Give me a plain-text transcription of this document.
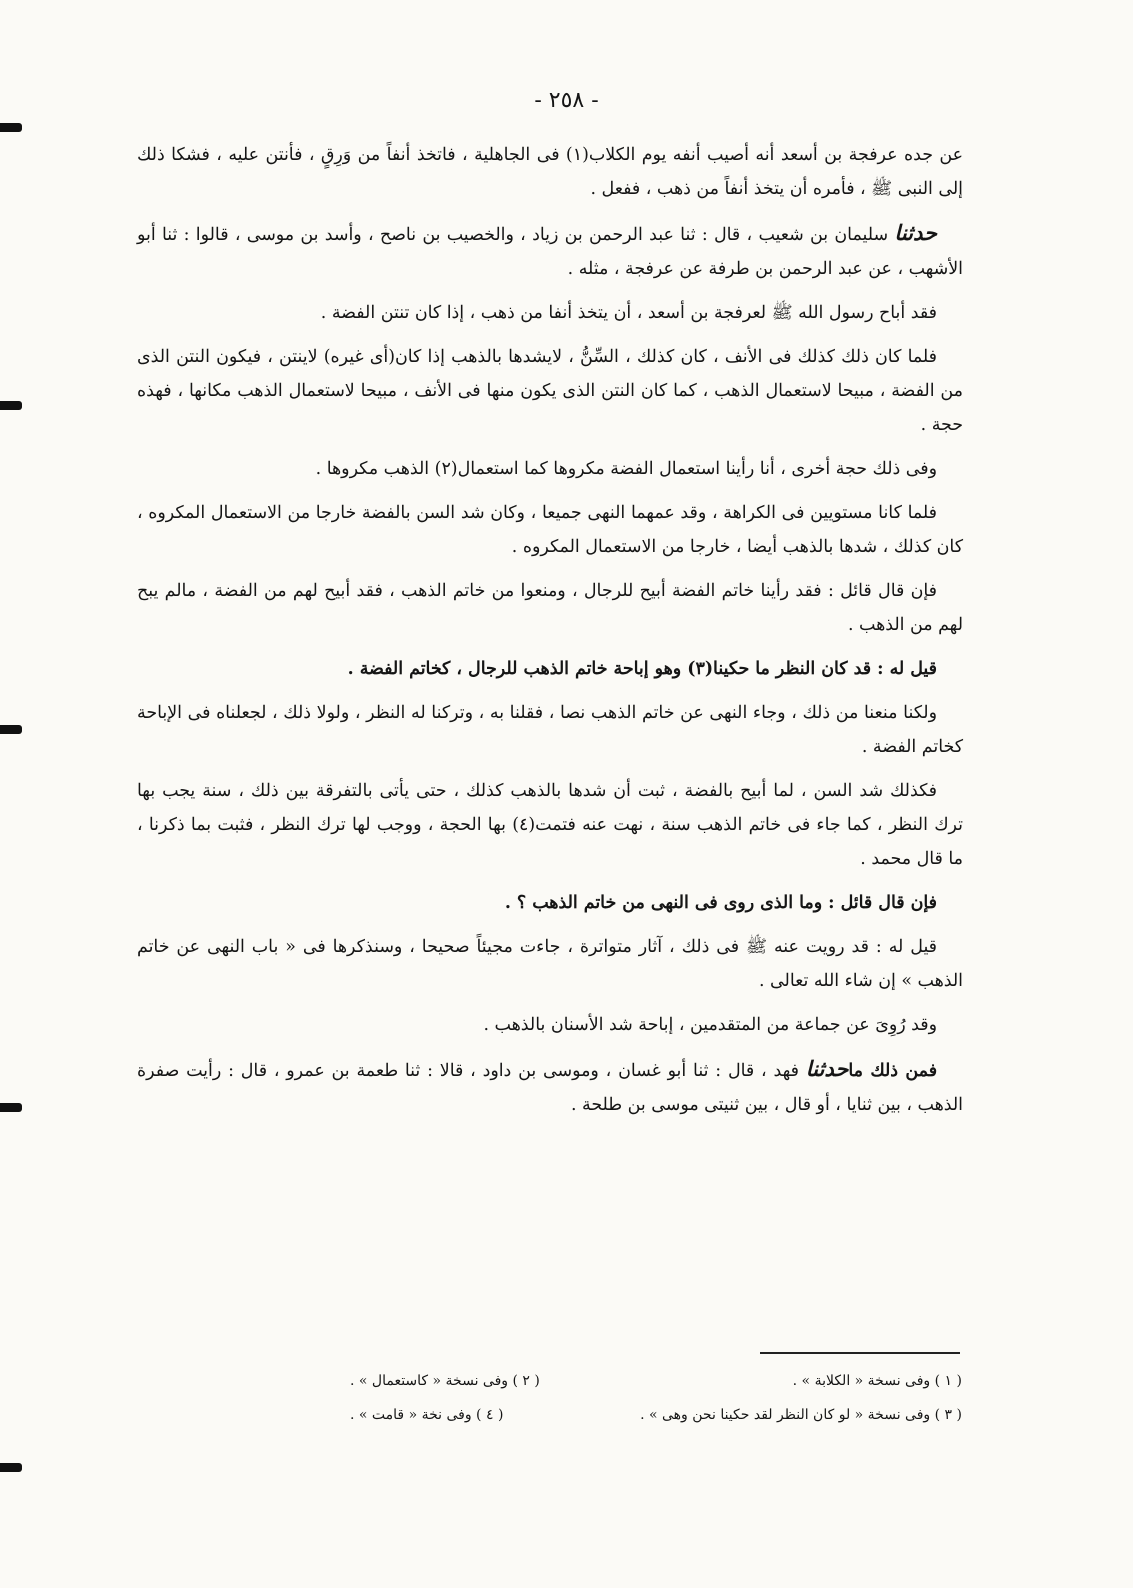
- ٢٥٨ -

عن جده عرفجة بن أسعد أنه أصيب أنفه يوم الكلاب(١) فى الجاهلية ، فاتخذ أنفاً من وَرِقٍ ، فأنتن عليه ، فشكا ذلك إلى النبى ﷺ ، فأمره أن يتخذ أنفاً من ذهب ، ففعل .

حدثنا سليمان بن شعيب ، قال : ثنا عبد الرحمن بن زياد ، والخصيب بن ناصح ، وأسد بن موسى ، قالوا : ثنا أبو الأشهب ، عن عبد الرحمن بن طرفة عن عرفجة ، مثله .

فقد أباح رسول الله ﷺ لعرفجة بن أسعد ، أن يتخذ أنفا من ذهب ، إذا كان تنتن الفضة .

فلما كان ذلك كذلك فى الأنف ، كان كذلك ، السِّنُّ ، لايشدها بالذهب إذا كان(أى غيره) لاينتن ، فيكون النتن الذى من الفضة ، مبيحا لاستعمال الذهب ، كما كان النتن الذى يكون منها فى الأنف ، مبيحا لاستعمال الذهب مكانها ، فهذه حجة .

وفى ذلك حجة أخرى ، أنا رأينا استعمال الفضة مكروها كما استعمال(٢) الذهب مكروها .

فلما كانا مستويين فى الكراهة ، وقد عمهما النهى جميعا ، وكان شد السن بالفضة خارجا من الاستعمال المكروه ، كان كذلك ، شدها بالذهب أيضا ، خارجا من الاستعمال المكروه .

فإن قال قائل : فقد رأينا خاتم الفضة أبيح للرجال ، ومنعوا من خاتم الذهب ، فقد أبيح لهم من الفضة ، مالم يبح لهم من الذهب .

قيل له : قد كان النظر ما حكينا(٣) وهو إباحة خاتم الذهب للرجال ، كخاتم الفضة .

ولكنا منعنا من ذلك ، وجاء النهى عن خاتم الذهب نصا ، فقلنا به ، وتركنا له النظر ، ولولا ذلك ، لجعلناه فى الإباحة كخاتم الفضة .

فكذلك شد السن ، لما أبيح بالفضة ، ثبت أن شدها بالذهب كذلك ، حتى يأتى بالتفرقة بين ذلك ، سنة يجب بها ترك النظر ، كما جاء فى خاتم الذهب سنة ، نهت عنه فتمت(٤) بها الحجة ، ووجب لها ترك النظر ، فثبت بما ذكرنا ، ما قال محمد .

فإن قال قائل : وما الذى روى فى النهى من خاتم الذهب ؟ .

قيل له : قد رويت عنه ﷺ فى ذلك ، آثار متواترة ، جاءت مجيئاً صحيحا ، وسنذكرها فى « باب النهى عن خاتم الذهب » إن شاء الله تعالى .

وقد رُوِىَ عن جماعة من المتقدمين ، إباحة شد الأسنان بالذهب .

فمن ذلك ماحدثنا فهد ، قال : ثنا أبو غسان ، وموسى بن داود ، قالا : ثنا طعمة بن عمرو ، قال : رأيت صفرة الذهب ، بين ثنايا ، أو قال ، بين ثنيتى موسى بن طلحة .

( ١ ) وفى نسخة « الكلابة » .
( ٢ ) وفى نسخة « كاستعمال » .
( ٣ ) وفى نسخة « لو كان النظر لقد حكينا نحن وهى » .
( ٤ ) وفى نخة « قامت » .
